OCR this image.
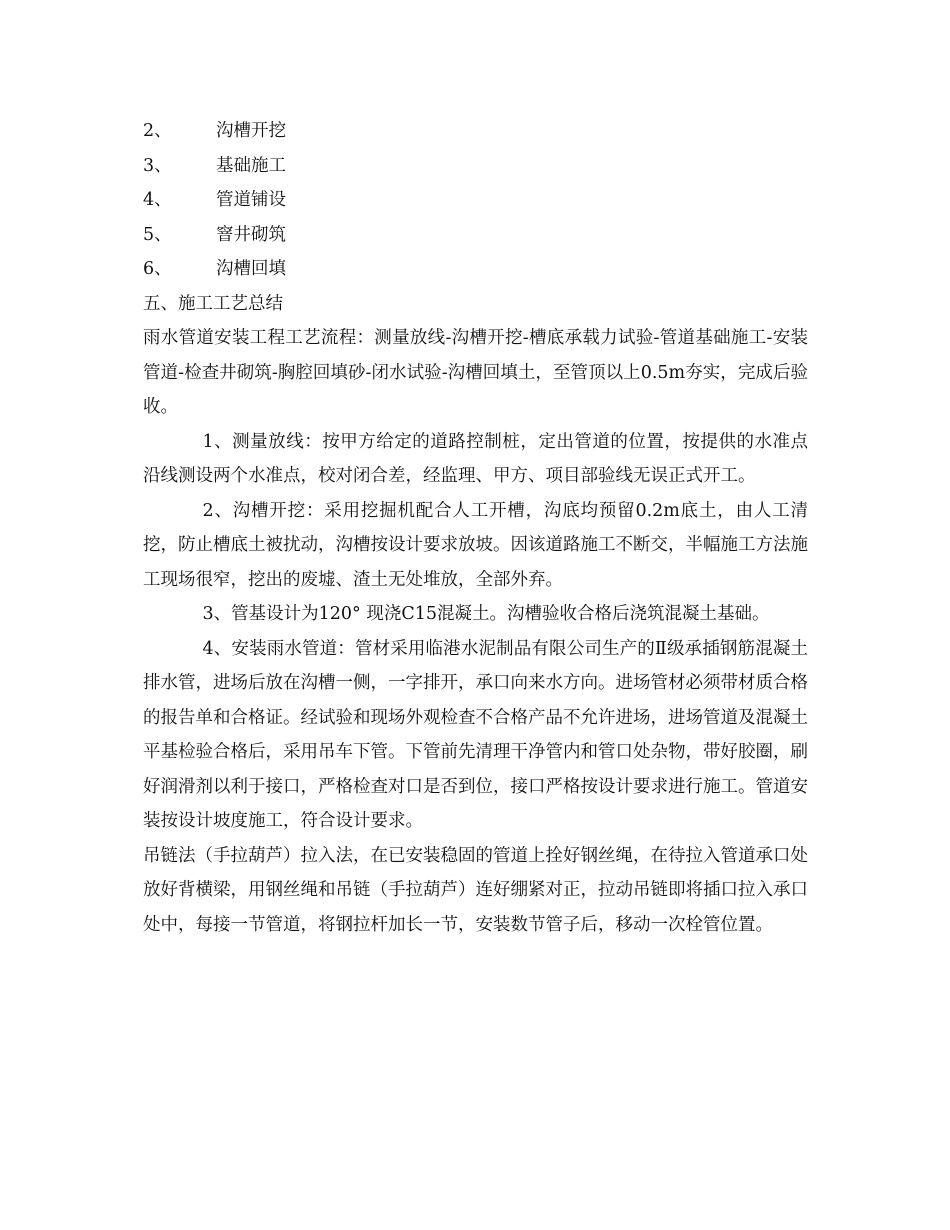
2、	沟槽开挖
3、	基础施工
4、	管道铺设
5、	窨井砌筑
6、	沟槽回填
五、施工工艺总结

雨水管道安装工程工艺流程：测量放线-沟槽开挖-槽底承载力试验-管道基础施工-安装管道-检查井砌筑-胸腔回填砂-闭水试验-沟槽回填土，至管顶以上0.5m夯实，完成后验收。

1、测量放线：按甲方给定的道路控制桩，定出管道的位置，按提供的水准点沿线测设两个水准点，校对闭合差，经监理、甲方、项目部验线无误正式开工。

2、沟槽开挖：采用挖掘机配合人工开槽，沟底均预留0.2m底土，由人工清挖，防止槽底土被扰动，沟槽按设计要求放坡。因该道路施工不断交，半幅施工方法施工现场很窄，挖出的废墟、渣土无处堆放，全部外弃。

3、管基设计为120° 现浇C15混凝土。沟槽验收合格后浇筑混凝土基础。

4、安装雨水管道：管材采用临港水泥制品有限公司生产的Ⅱ级承插钢筋混凝土排水管，进场后放在沟槽一侧，一字排开，承口向来水方向。进场管材必须带材质合格的报告单和合格证。经试验和现场外观检查不合格产品不允许进场，进场管道及混凝土平基检验合格后，采用吊车下管。下管前先清理干净管内和管口处杂物，带好胶圈，刷好润滑剂以利于接口，严格检查对口是否到位，接口严格按设计要求进行施工。管道安装按设计坡度施工，符合设计要求。

吊链法（手拉葫芦）拉入法，在已安装稳固的管道上拴好钢丝绳，在待拉入管道承口处放好背横梁，用钢丝绳和吊链（手拉葫芦）连好绷紧对正，拉动吊链即将插口拉入承口处中，每接一节管道，将钢拉杆加长一节，安装数节管子后，移动一次栓管位置。
